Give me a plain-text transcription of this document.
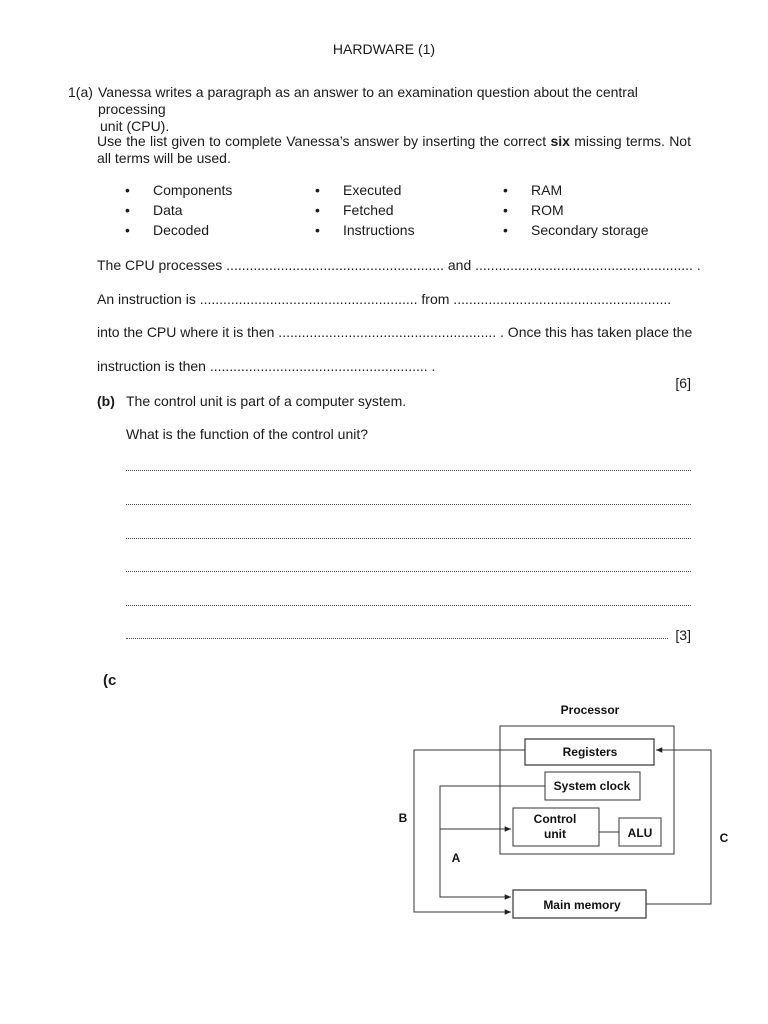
HARDWARE (1)
1(a) Vanessa writes a paragraph as an answer to an examination question about the central processing
unit (CPU).
Use the list given to complete Vanessa’s answer by inserting the correct six missing terms. Not all terms will be used.
• Components
• Data
• Decoded
• Executed
• Fetched
• Instructions
• RAM
• ROM
• Secondary storage
The CPU processes ........................................................ and ........................................................ .
An instruction is ........................................................ from ........................................................
into the CPU where it is then ........................................................ . Once this has taken place the
instruction is then ........................................................ .
[6]
(b) The control unit is part of a computer system.
What is the function of the control unit?
[3]
(c
Processor
Registers
System clock
Control
unit	ALU
Main memory
A
B
C
